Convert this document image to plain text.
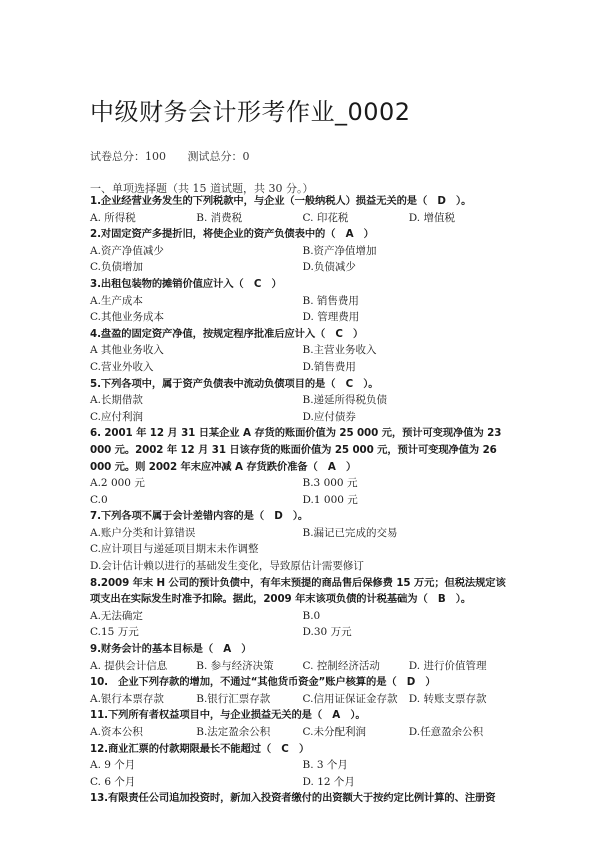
中级财务会计形考作业_0002
试卷总分：100 测试总分：0
一、单项选择题（共 15 道试题，共 30 分。）
1.企业经营业务发生的下列税款中，与企业（一般纳税人）损益无关的是（　D　）。
A. 所得税	B. 消费税	C. 印花税	D. 增值税
2.对固定资产多提折旧，将使企业的资产负债表中的（　A　）
A.资产净值减少	B.资产净值增加
C.负债增加	D.负债减少
3.出租包装物的摊销价值应计入（　C　）
A.生产成本	B. 销售费用
C.其他业务成本	D. 管理费用
4.盘盈的固定资产净值，按规定程序批准后应计入（　C　）
A 其他业务收入	B.主营业务收入
C.营业外收入	D.销售费用
5.下列各项中，属于资产负债表中流动负债项目的是（　C　）。
A.长期借款	B.递延所得税负债
C.应付利润	D.应付债券
6. 2001 年 12 月 31 日某企业 A 存货的账面价值为 25 000 元，预计可变现净值为 23 000 元。2002 年 12 月 31 日该存货的账面价值为 25 000 元，预计可变现净值为 26 000 元。则 2002 年末应冲减 A 存货跌价准备（　A　）
A.2 000 元	B.3 000 元
C.0	D.1 000 元
7.下列各项不属于会计差错内容的是（　D　）。
A.账户分类和计算错误	B.漏记已完成的交易
C.应计项目与递延项目期末未作调整
D.会计估计赖以进行的基础发生变化，导致原估计需要修订
8.2009 年末 H 公司的预计负债中，有年末预提的商品售后保修费 15 万元；但税法规定该项支出在实际发生时准予扣除。据此，2009 年末该项负债的计税基础为（　B　）。
A.无法确定	B.0
C.15 万元	D.30 万元
9.财务会计的基本目标是（　A　）
A. 提供会计信息	B. 参与经济决策	C. 控制经济活动	D. 进行价值管理
10.　企业下列存款的增加，不通过“其他货币资金”账户核算的是（　D　）
A.银行本票存款	B.银行汇票存款	C.信用证保证金存款	D. 转账支票存款
11.下列所有者权益项目中，与企业损益无关的是（　A　）。
A.资本公积	B.法定盈余公积	C.未分配利润	D.任意盈余公积
12.商业汇票的付款期限最长不能超过（　C　）
A. 9 个月	B. 3 个月
C. 6 个月	D. 12 个月
13.有限责任公司追加投资时，新加入投资者缴付的出资额大于按约定比例计算的、注册资
